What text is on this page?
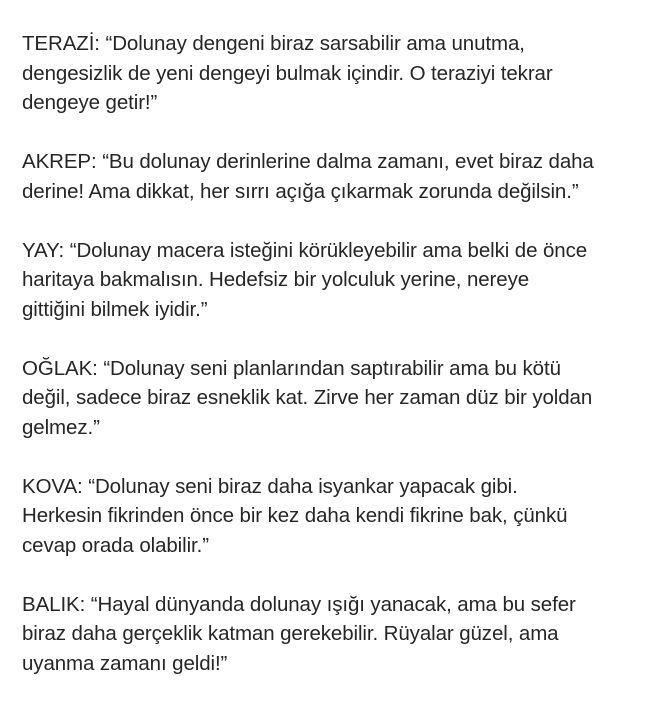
TERAZİ: “Dolunay dengeni biraz sarsabilir ama unutma,
dengesizlik de yeni dengeyi bulmak içindir. O teraziyi tekrar
dengeye getir!”

AKREP: “Bu dolunay derinlerine dalma zamanı, evet biraz daha
derine! Ama dikkat, her sırrı açığa çıkarmak zorunda değilsin.”

YAY: “Dolunay macera isteğini körükleyebilir ama belki de önce
haritaya bakmalısın. Hedefsiz bir yolculuk yerine, nereye
gittiğini bilmek iyidir.”

OĞLAK: “Dolunay seni planlarından saptırabilir ama bu kötü
değil, sadece biraz esneklik kat. Zirve her zaman düz bir yoldan
gelmez.”

KOVA: “Dolunay seni biraz daha isyankar yapacak gibi.
Herkesin fikrinden önce bir kez daha kendi fikrine bak, çünkü
cevap orada olabilir.”

BALIK: “Hayal dünyanda dolunay ışığı yanacak, ama bu sefer
biraz daha gerçeklik katman gerekebilir. Rüyalar güzel, ama
uyanma zamanı geldi!”
